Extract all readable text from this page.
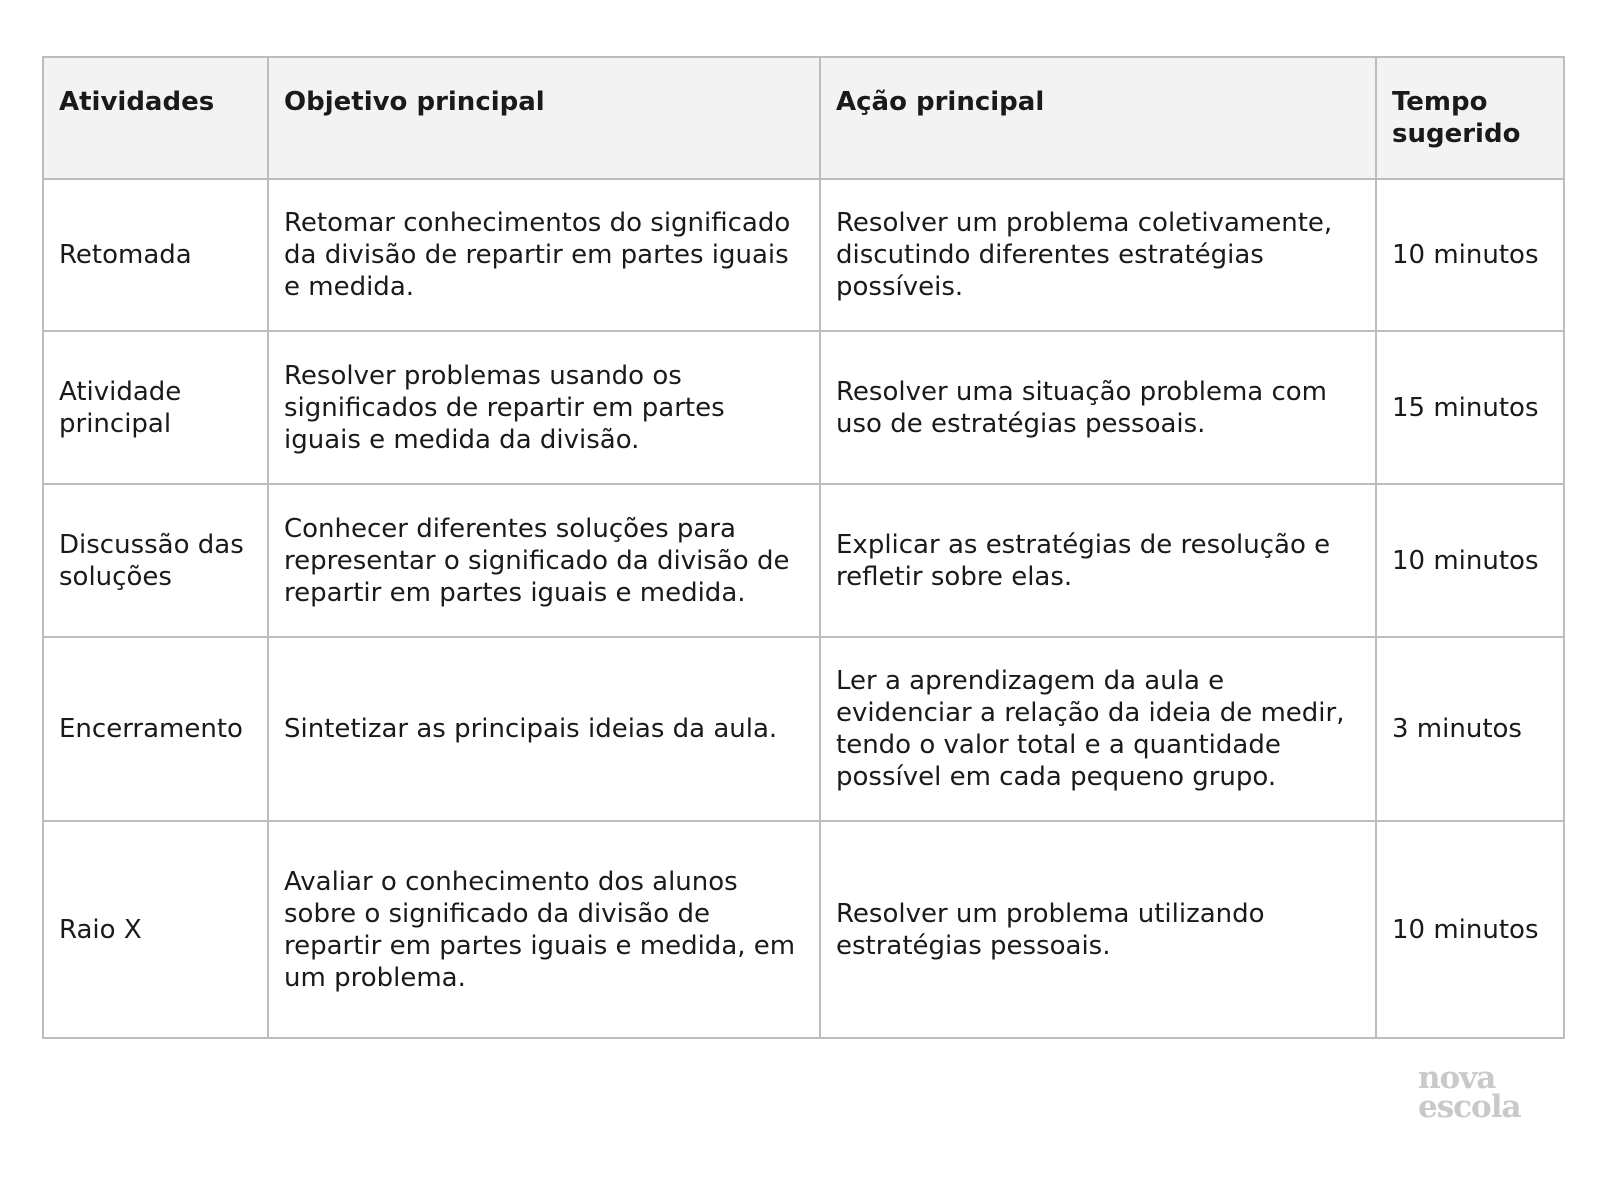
Atividades	Objetivo principal	Ação principal	Tempo sugerido
Retomada	Retomar conhecimentos do significado da divisão de repartir em partes iguais e medida.	Resolver um problema coletivamente, discutindo diferentes estratégias possíveis.	10 minutos
Atividade principal	Resolver problemas usando os significados de repartir em partes iguais e medida da divisão.	Resolver uma situação problema com uso de estratégias pessoais.	15 minutos
Discussão das soluções	Conhecer diferentes soluções para representar o significado da divisão de repartir em partes iguais e medida.	Explicar as estratégias de resolução e refletir sobre elas.	10 minutos
Encerramento	Sintetizar as principais ideias da aula.	Ler a aprendizagem da aula e evidenciar a relação da ideia de medir, tendo o valor total e a quantidade possível em cada pequeno grupo.	3 minutos
Raio X	Avaliar o conhecimento dos alunos sobre o significado da divisão de repartir em partes iguais e medida, em um problema.	Resolver um problema utilizando estratégias pessoais.	10 minutos
nova
escola
